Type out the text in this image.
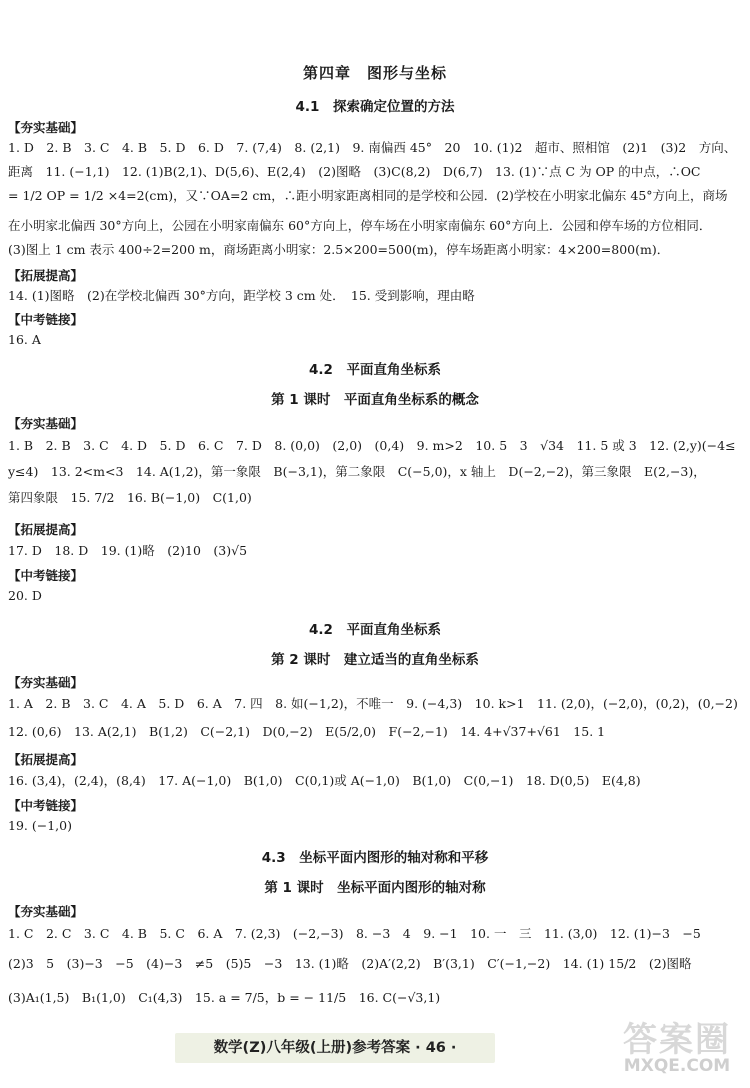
第四章　图形与坐标
4.1　探索确定位置的方法
【夯实基础】
1. D　2. B　3. C　4. B　5. D　6. D　7. (7,4)　8. (2,1)　9. 南偏西 45°　20　10. (1)2　超市、照相馆　(2)1　(3)2　方向、
距离　11. (−1,1)　12. (1)B(2,1)、D(5,6)、E(2,4)　(2)图略　(3)C(8,2)　D(6,7)　13. (1)∵点 C 为 OP 的中点，∴OC
= 1/2 OP = 1/2 ×4=2(cm)，又∵OA=2 cm，∴距小明家距离相同的是学校和公园．(2)学校在小明家北偏东 45°方向上，商场
在小明家北偏西 30°方向上，公园在小明家南偏东 60°方向上，停车场在小明家南偏东 60°方向上．公园和停车场的方位相同．
(3)图上 1 cm 表示 400÷2=200 m，商场距离小明家：2.5×200=500(m)，停车场距离小明家：4×200=800(m)．
【拓展提高】
14. (1)图略　(2)在学校北偏西 30°方向，距学校 3 cm 处．　15. 受到影响，理由略
【中考链接】
16. A
4.2　平面直角坐标系
第 1 课时　平面直角坐标系的概念
【夯实基础】
1. B　2. B　3. C　4. D　5. D　6. C　7. D　8. (0,0)　(2,0)　(0,4)　9. m>2　10. 5　3　√34　11. 5 或 3　12. (2,y)(−4≤
y≤4)　13. 2<m<3　14. A(1,2)，第一象限　B(−3,1)，第二象限　C(−5,0)，x 轴上　D(−2,−2)，第三象限　E(2,−3)，
第四象限　15. 7/2　16. B(−1,0)　C(1,0)
【拓展提高】
17. D　18. D　19. (1)略　(2)10　(3)√5
【中考链接】
20. D
4.2　平面直角坐标系
第 2 课时　建立适当的直角坐标系
【夯实基础】
1. A　2. B　3. C　4. A　5. D　6. A　7. 四　8. 如(−1,2)，不唯一　9. (−4,3)　10. k>1　11. (2,0)，(−2,0)，(0,2)，(0,−2)
12. (0,6)　13. A(2,1)　B(1,2)　C(−2,1)　D(0,−2)　E(5/2,0)　F(−2,−1)　14. 4+√37+√61　15. 1
【拓展提高】
16. (3,4)，(2,4)，(8,4)　17. A(−1,0)　B(1,0)　C(0,1)或 A(−1,0)　B(1,0)　C(0,−1)　18. D(0,5)　E(4,8)
【中考链接】
19. (−1,0)
4.3　坐标平面内图形的轴对称和平移
第 1 课时　坐标平面内图形的轴对称
【夯实基础】
1. C　2. C　3. C　4. B　5. C　6. A　7. (2,3)　(−2,−3)　8. −3　4　9. −1　10. 一　三　11. (3,0)　12. (1)−3　−5
(2)3　5　(3)−3　−5　(4)−3　≠5　(5)5　−3　13. (1)略　(2)A′(2,2)　B′(3,1)　C′(−1,−2)　14. (1) 15/2　(2)图略
(3)A₁(1,5)　B₁(1,0)　C₁(4,3)　15. a = 7/5，b = − 11/5　16. C(−√3,1)
数学(Z)八年级(上册)参考答案 · 46 ·	答案圈
MXQE.COM
